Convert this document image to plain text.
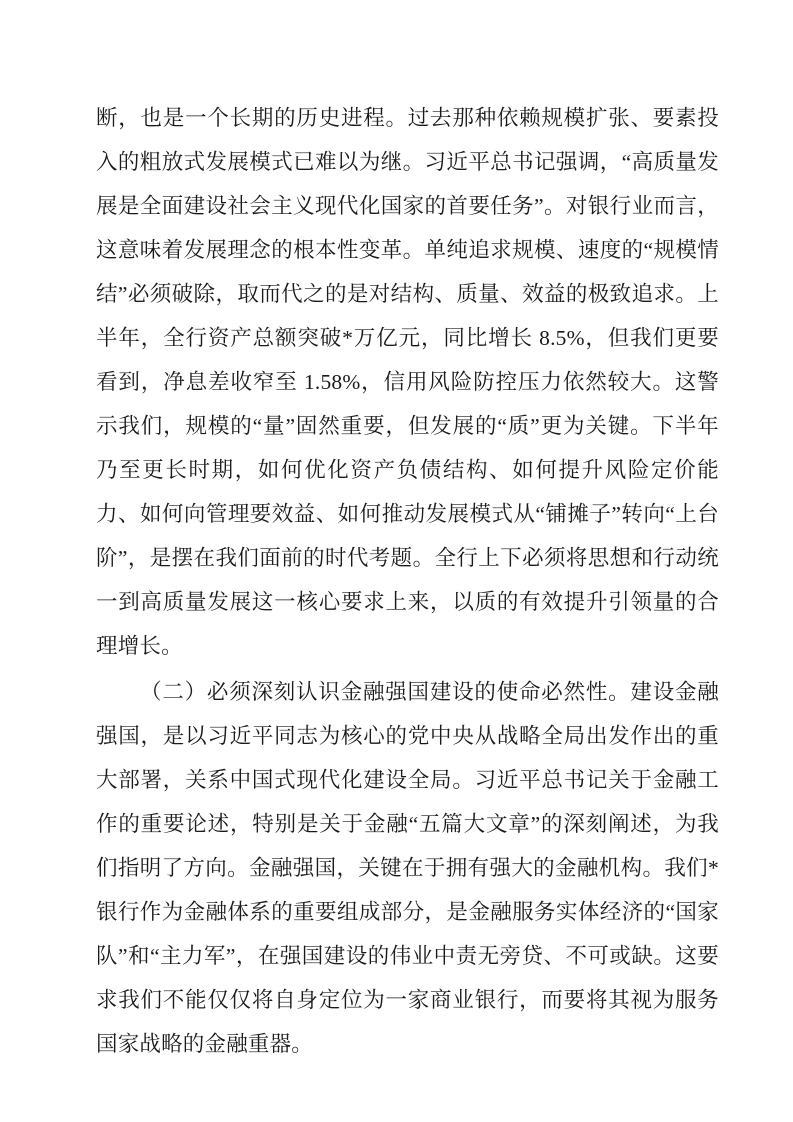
断，也是一个长期的历史进程。过去那种依赖规模扩张、要素投入的粗放式发展模式已难以为继。习近平总书记强调，“高质量发展是全面建设社会主义现代化国家的首要任务”。对银行业而言，这意味着发展理念的根本性变革。单纯追求规模、速度的“规模情结”必须破除，取而代之的是对结构、质量、效益的极致追求。上半年，全行资产总额突破*万亿元，同比增长 8.5%，但我们更要看到，净息差收窄至 1.58%，信用风险防控压力依然较大。这警示我们，规模的“量”固然重要，但发展的“质”更为关键。下半年乃至更长时期，如何优化资产负债结构、如何提升风险定价能力、如何向管理要效益、如何推动发展模式从“铺摊子”转向“上台阶”，是摆在我们面前的时代考题。全行上下必须将思想和行动统一到高质量发展这一核心要求上来，以质的有效提升引领量的合理增长。

（二）必须深刻认识金融强国建设的使命必然性。建设金融强国，是以习近平同志为核心的党中央从战略全局出发作出的重大部署，关系中国式现代化建设全局。习近平总书记关于金融工作的重要论述，特别是关于金融“五篇大文章”的深刻阐述，为我们指明了方向。金融强国，关键在于拥有强大的金融机构。我们*银行作为金融体系的重要组成部分，是金融服务实体经济的“国家队”和“主力军”，在强国建设的伟业中责无旁贷、不可或缺。这要求我们不能仅仅将自身定位为一家商业银行，而要将其视为服务国家战略的金融重器。
